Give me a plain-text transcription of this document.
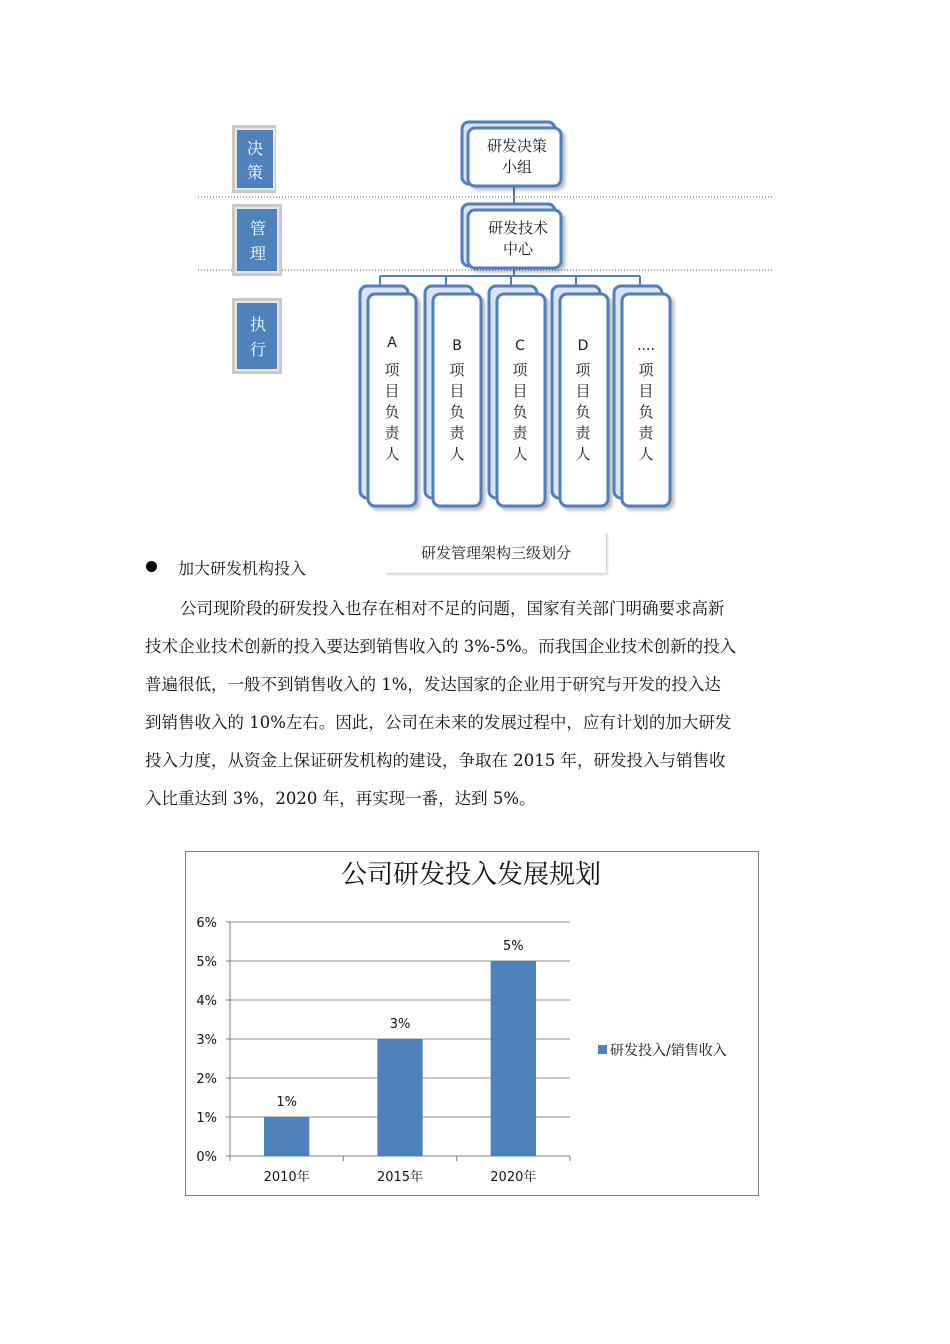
决
策
管
理
执
行
研发决策
小组
研发技术
中心
A
项
目
负
责
人
B
项
目
负
责
人
C
项
目
负
责
人
D
项
目
负
责
人
....
项
目
负
责
人
研发管理架构三级划分
加大研发机构投入
公司现阶段的研发投入也存在相对不足的问题，国家有关部门明确要求高新
技术企业技术创新的投入要达到销售收入的 3%-5%。而我国企业技术创新的投入
普遍很低，一般不到销售收入的 1%，发达国家的企业用于研究与开发的投入达
到销售收入的 10%左右。因此，公司在未来的发展过程中，应有计划的加大研发
投入力度，从资金上保证研发机构的建设，争取在 2015 年，研发投入与销售收
入比重达到 3%，2020 年，再实现一番，达到 5%。
公司研发投入发展规划
0%
1%
2%
3%
4%
5%
6%
1%
3%
5%
2010年	2015年	2020年
研发投入/销售收入
